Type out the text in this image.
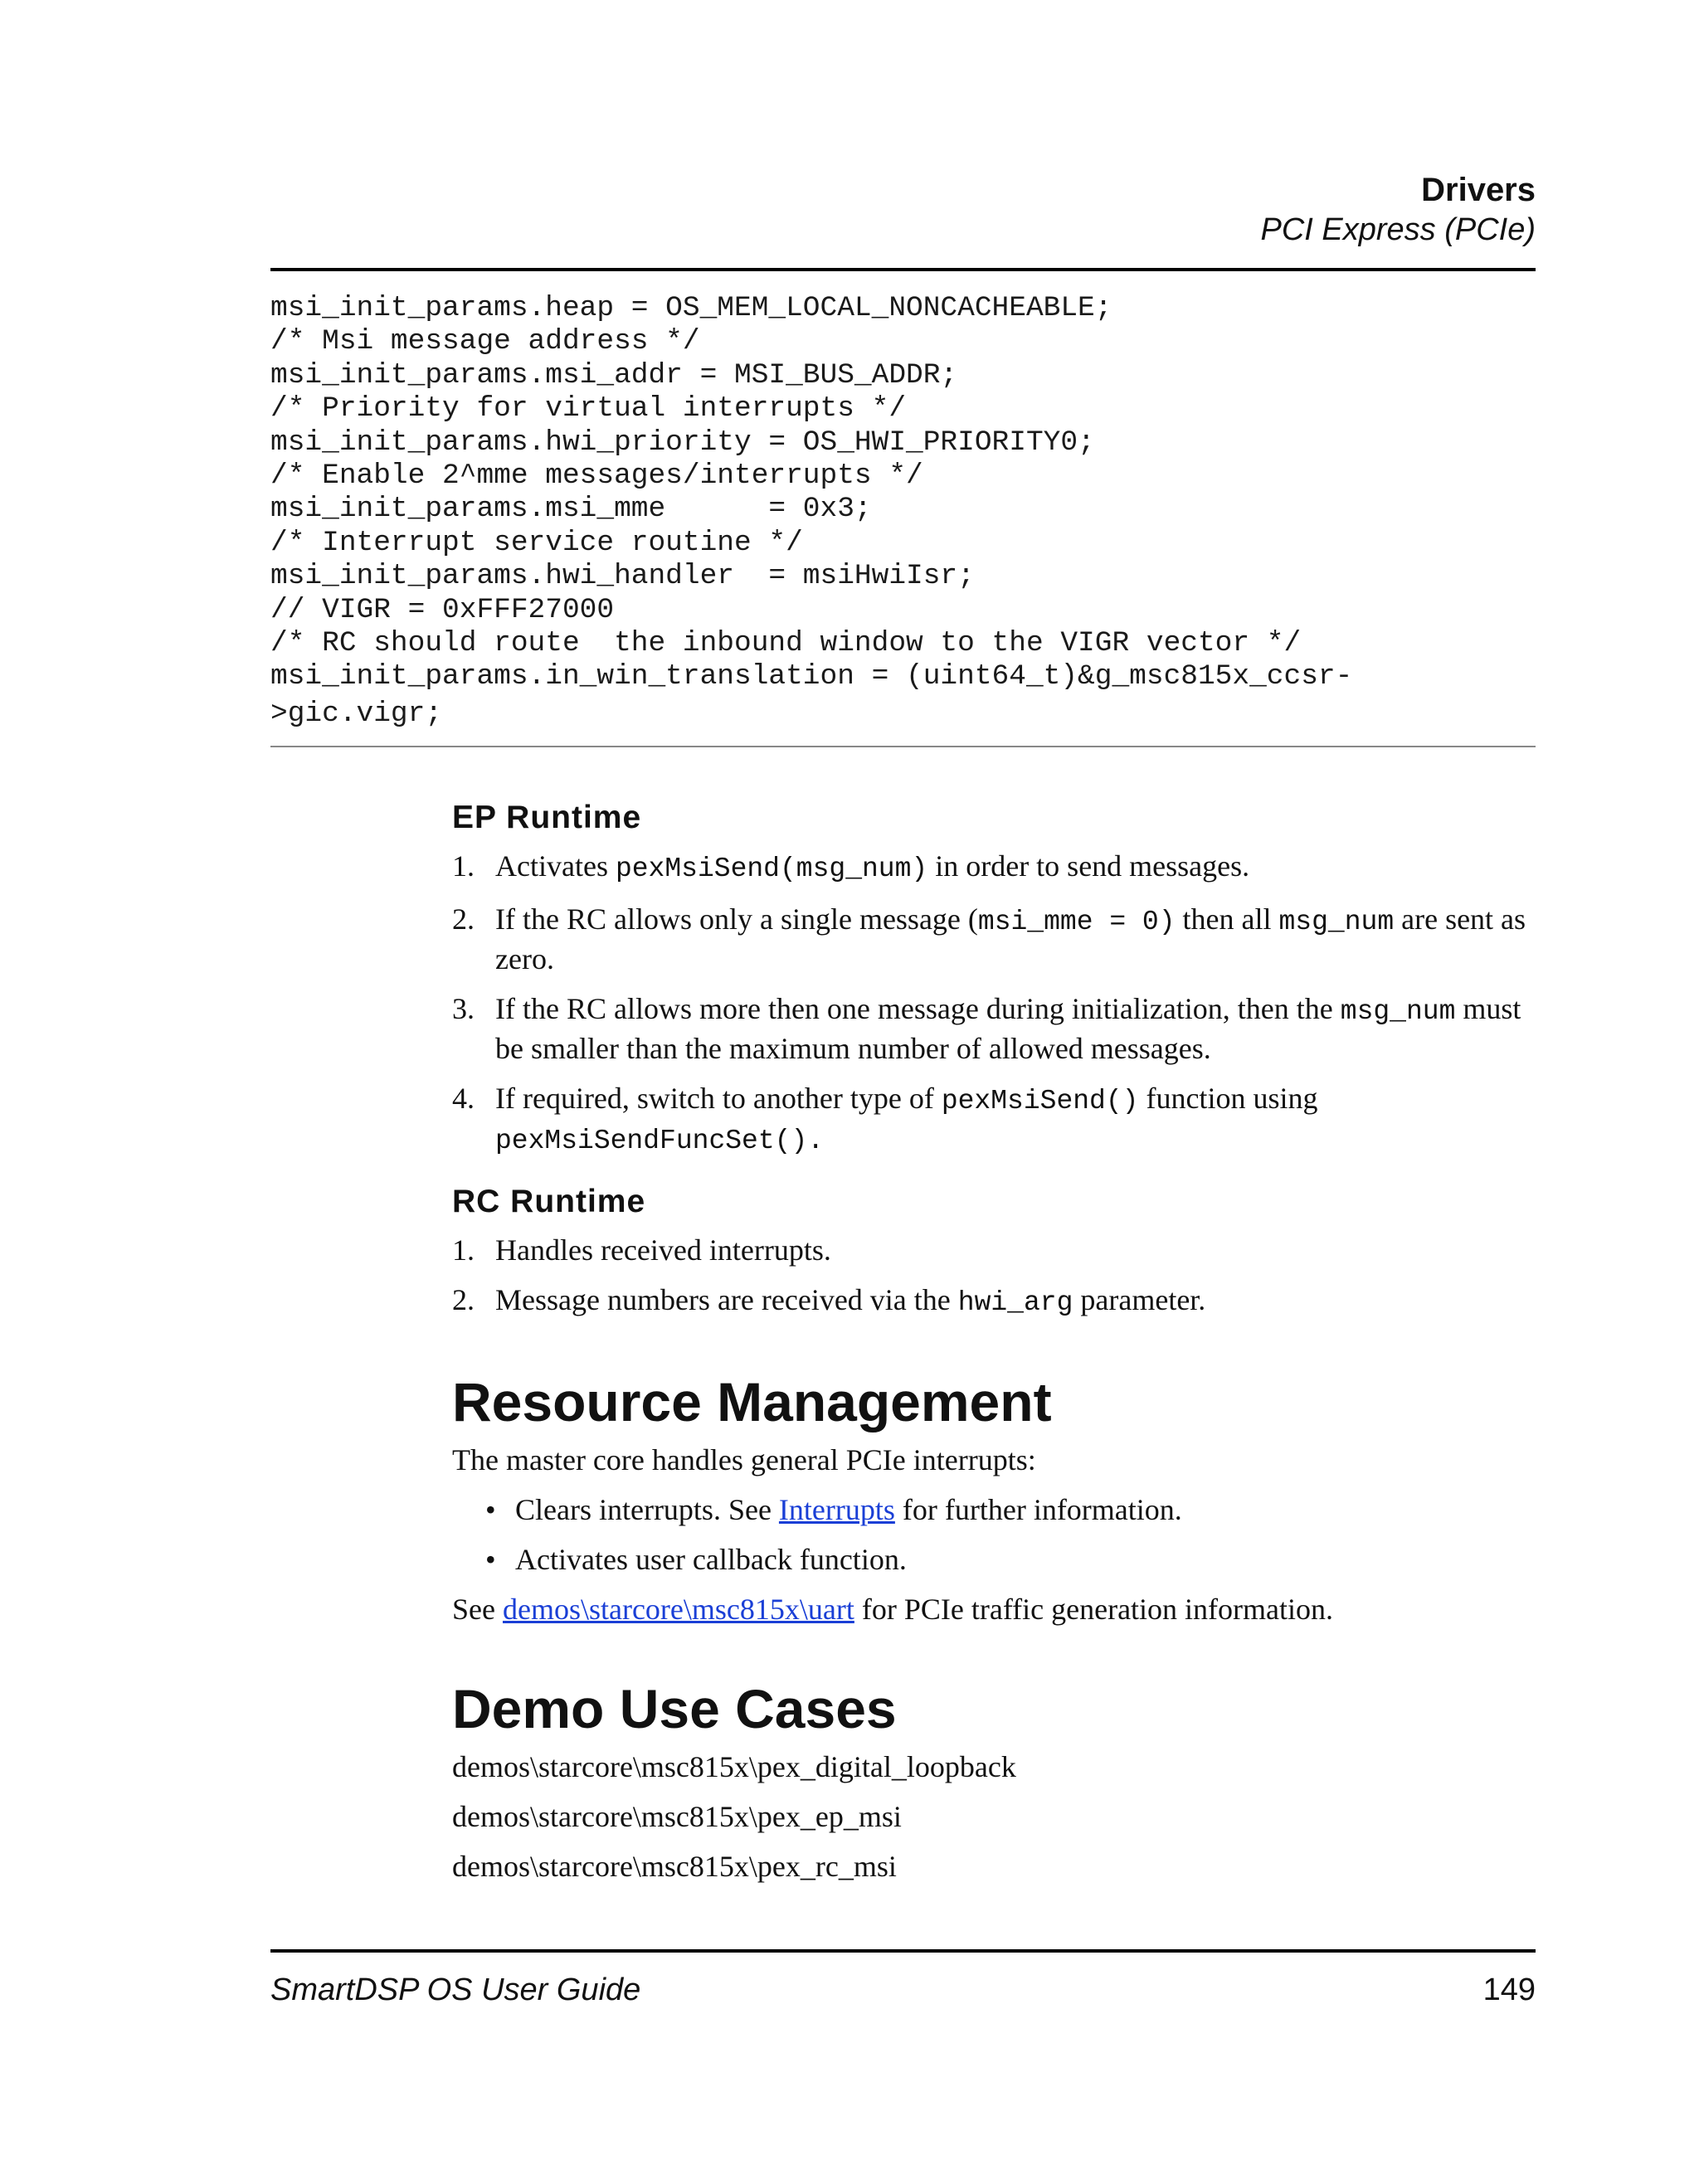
Drivers
PCI Express (PCIe)
msi_init_params.heap = OS_MEM_LOCAL_NONCACHEABLE;
/* Msi message address */
msi_init_params.msi_addr = MSI_BUS_ADDR;
/* Priority for virtual interrupts */
msi_init_params.hwi_priority = OS_HWI_PRIORITY0;
/* Enable 2^mme messages/interrupts */
msi_init_params.msi_mme      = 0x3;
/* Interrupt service routine */
msi_init_params.hwi_handler  = msiHwiIsr;
// VIGR = 0xFFF27000
/* RC should route  the inbound window to the VIGR vector */
msi_init_params.in_win_translation = (uint64_t)&g_msc815x_ccsr-
>gic.vigr;
EP Runtime
1. Activates pexMsiSend(msg_num) in order to send messages.
2. If the RC allows only a single message (msi_mme = 0) then all msg_num are sent as zero.
3. If the RC allows more then one message during initialization, then the msg_num must be smaller than the maximum number of allowed messages.
4. If required, switch to another type of pexMsiSend() function using
pexMsiSendFuncSet().
RC Runtime
1. Handles received interrupts.
2. Message numbers are received via the hwi_arg parameter.
Resource Management

The master core handles general PCIe interrupts:

• Clears interrupts. See Interrupts for further information.
• Activates user callback function.

See demos\starcore\msc815x\uart for PCIe traffic generation information.

Demo Use Cases

demos\starcore\msc815x\pex_digital_loopback

demos\starcore\msc815x\pex_ep_msi

demos\starcore\msc815x\pex_rc_msi

SmartDSP OS User Guide	149
